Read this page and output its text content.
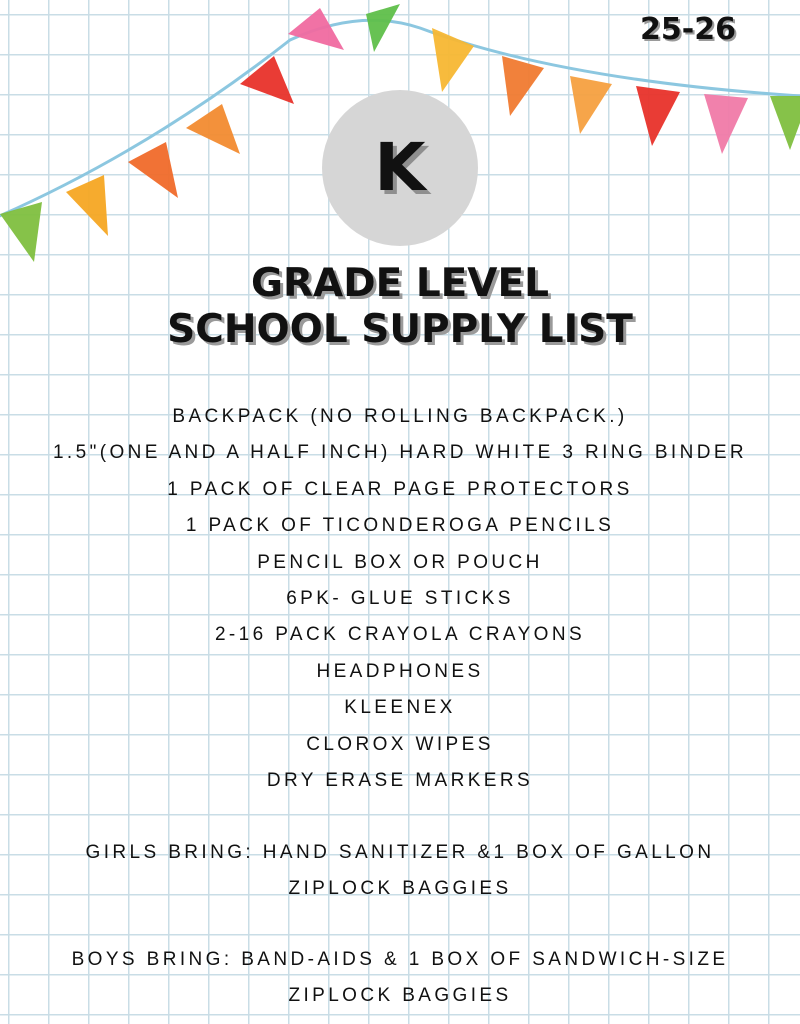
25-26
K
GRADE LEVEL
SCHOOL SUPPLY LIST
BACKPACK (NO ROLLING BACKPACK.)
1.5"(ONE AND A HALF INCH) HARD WHITE 3 RING BINDER
1 PACK OF CLEAR PAGE PROTECTORS
1 PACK OF TICONDEROGA PENCILS
PENCIL BOX OR POUCH
6PK- GLUE STICKS
2-16 PACK CRAYOLA CRAYONS
HEADPHONES
KLEENEX
CLOROX WIPES
DRY ERASE MARKERS
GIRLS BRING: HAND SANITIZER &1 BOX OF GALLON
ZIPLOCK BAGGIES
BOYS BRING: BAND-AIDS & 1 BOX OF SANDWICH-SIZE
ZIPLOCK BAGGIES
